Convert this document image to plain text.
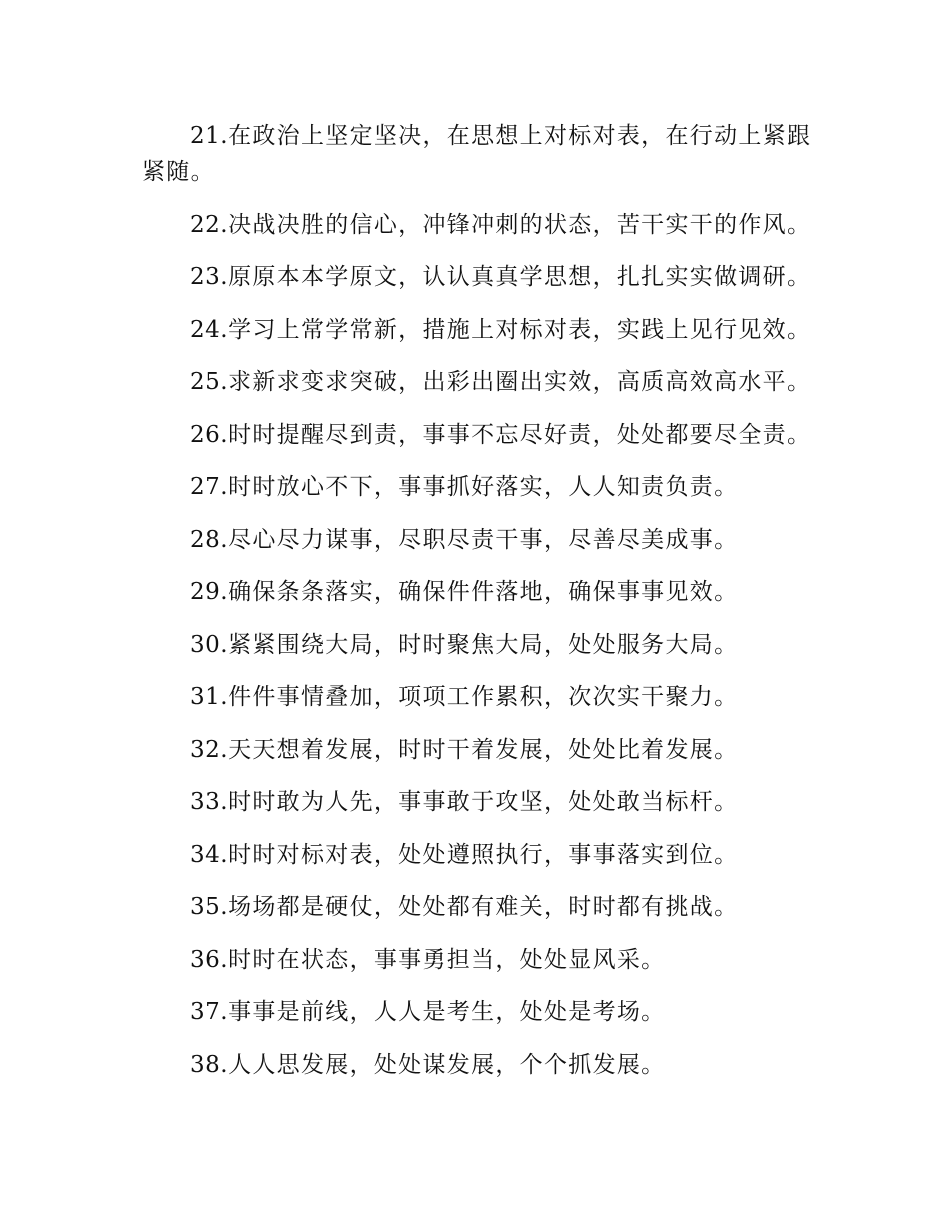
21.在政治上坚定坚决，在思想上对标对表，在行动上紧跟紧随。

22.决战决胜的信心，冲锋冲刺的状态，苦干实干的作风。

23.原原本本学原文，认认真真学思想，扎扎实实做调研。

24.学习上常学常新，措施上对标对表，实践上见行见效。

25.求新求变求突破，出彩出圈出实效，高质高效高水平。

26.时时提醒尽到责，事事不忘尽好责，处处都要尽全责。

27.时时放心不下，事事抓好落实，人人知责负责。

28.尽心尽力谋事，尽职尽责干事，尽善尽美成事。

29.确保条条落实，确保件件落地，确保事事见效。

30.紧紧围绕大局，时时聚焦大局，处处服务大局。

31.件件事情叠加，项项工作累积，次次实干聚力。

32.天天想着发展，时时干着发展，处处比着发展。

33.时时敢为人先，事事敢于攻坚，处处敢当标杆。

34.时时对标对表，处处遵照执行，事事落实到位。

35.场场都是硬仗，处处都有难关，时时都有挑战。

36.时时在状态，事事勇担当，处处显风采。

37.事事是前线，人人是考生，处处是考场。

38.人人思发展，处处谋发展，个个抓发展。
